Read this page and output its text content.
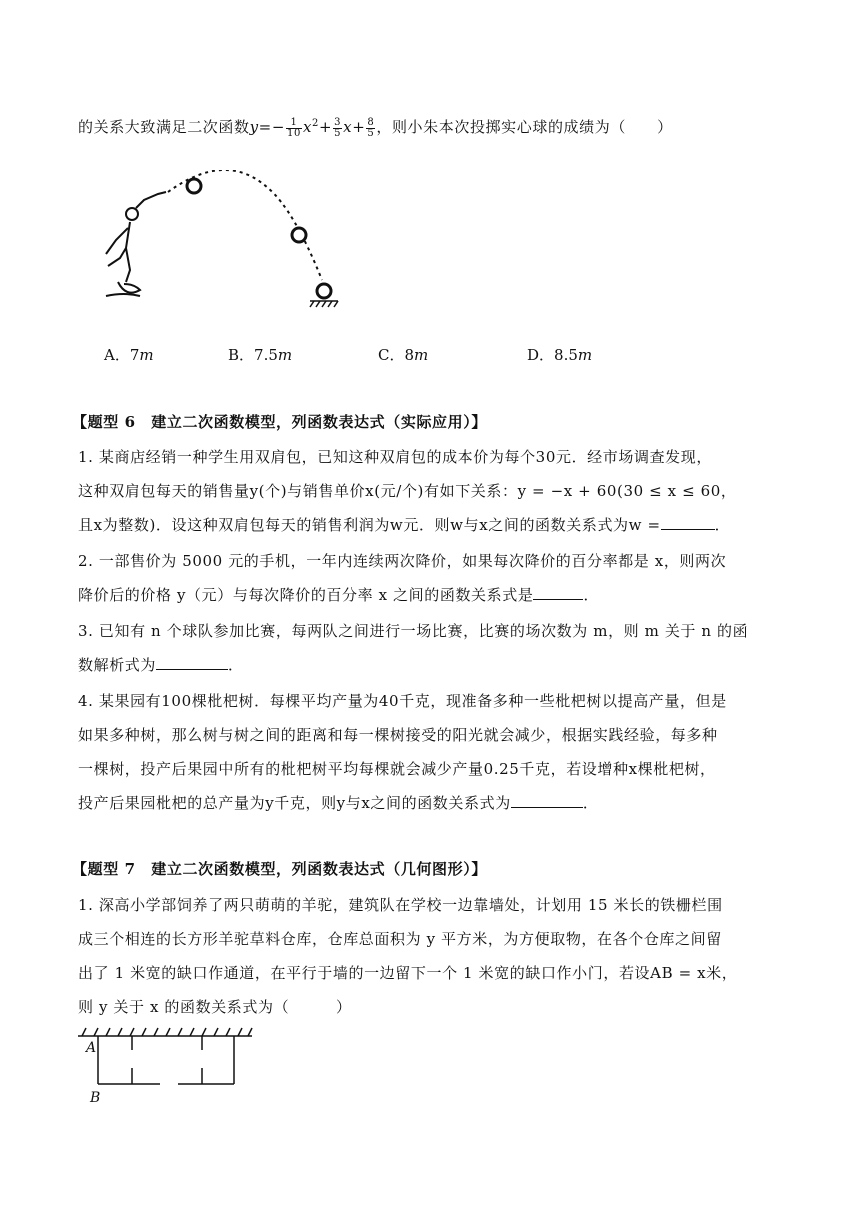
的关系大致满足二次函数$y=- \frac{1}{10} x^2+ \frac{3}{5} x+ \frac{8}{5}$ ，则小朱本次投掷实心球的成绩为（　　）
A．7m	B．7.5m	C．8m	D．8.5m
【题型 6　建立二次函数模型，列函数表达式（实际应用）】
1. 某商店经销一种学生用双肩包，已知这种双肩包的成本价为每个30元．经市场调查发现，
这种双肩包每天的销售量y(个)与销售单价x(元/个)有如下关系：y = −x + 60(30 ≤ x ≤ 60，
且x为整数)．设这种双肩包每天的销售利润为w元．则w与x之间的函数关系式为w =	．
2. 一部售价为 5000 元的手机，一年内连续两次降价，如果每次降价的百分率都是 x，则两次
降价后的价格 y（元）与每次降价的百分率 x 之间的函数关系式是	．
3. 已知有 n 个球队参加比赛，每两队之间进行一场比赛，比赛的场次数为 m，则 m 关于 n 的函
数解析式为	．
4. 某果园有100棵枇杷树．每棵平均产量为40千克，现准备多种一些枇杷树以提高产量，但是
如果多种树，那么树与树之间的距离和每一棵树接受的阳光就会减少，根据实践经验，每多种
一棵树，投产后果园中所有的枇杷树平均每棵就会减少产量0.25千克，若设增种x棵枇杷树，
投产后果园枇杷的总产量为y千克，则y与x之间的函数关系式为	．
【题型 7　建立二次函数模型，列函数表达式（几何图形）】
1. 深高小学部饲养了两只萌萌的羊驼，建筑队在学校一边靠墙处，计划用 15 米长的铁栅栏围
成三个相连的长方形羊驼草料仓库，仓库总面积为 y 平方米，为方便取物，在各个仓库之间留
出了 1 米宽的缺口作通道，在平行于墙的一边留下一个 1 米宽的缺口作小门，若设AB = x米，
则 y 关于 x 的函数关系式为（　　　）
A
B
